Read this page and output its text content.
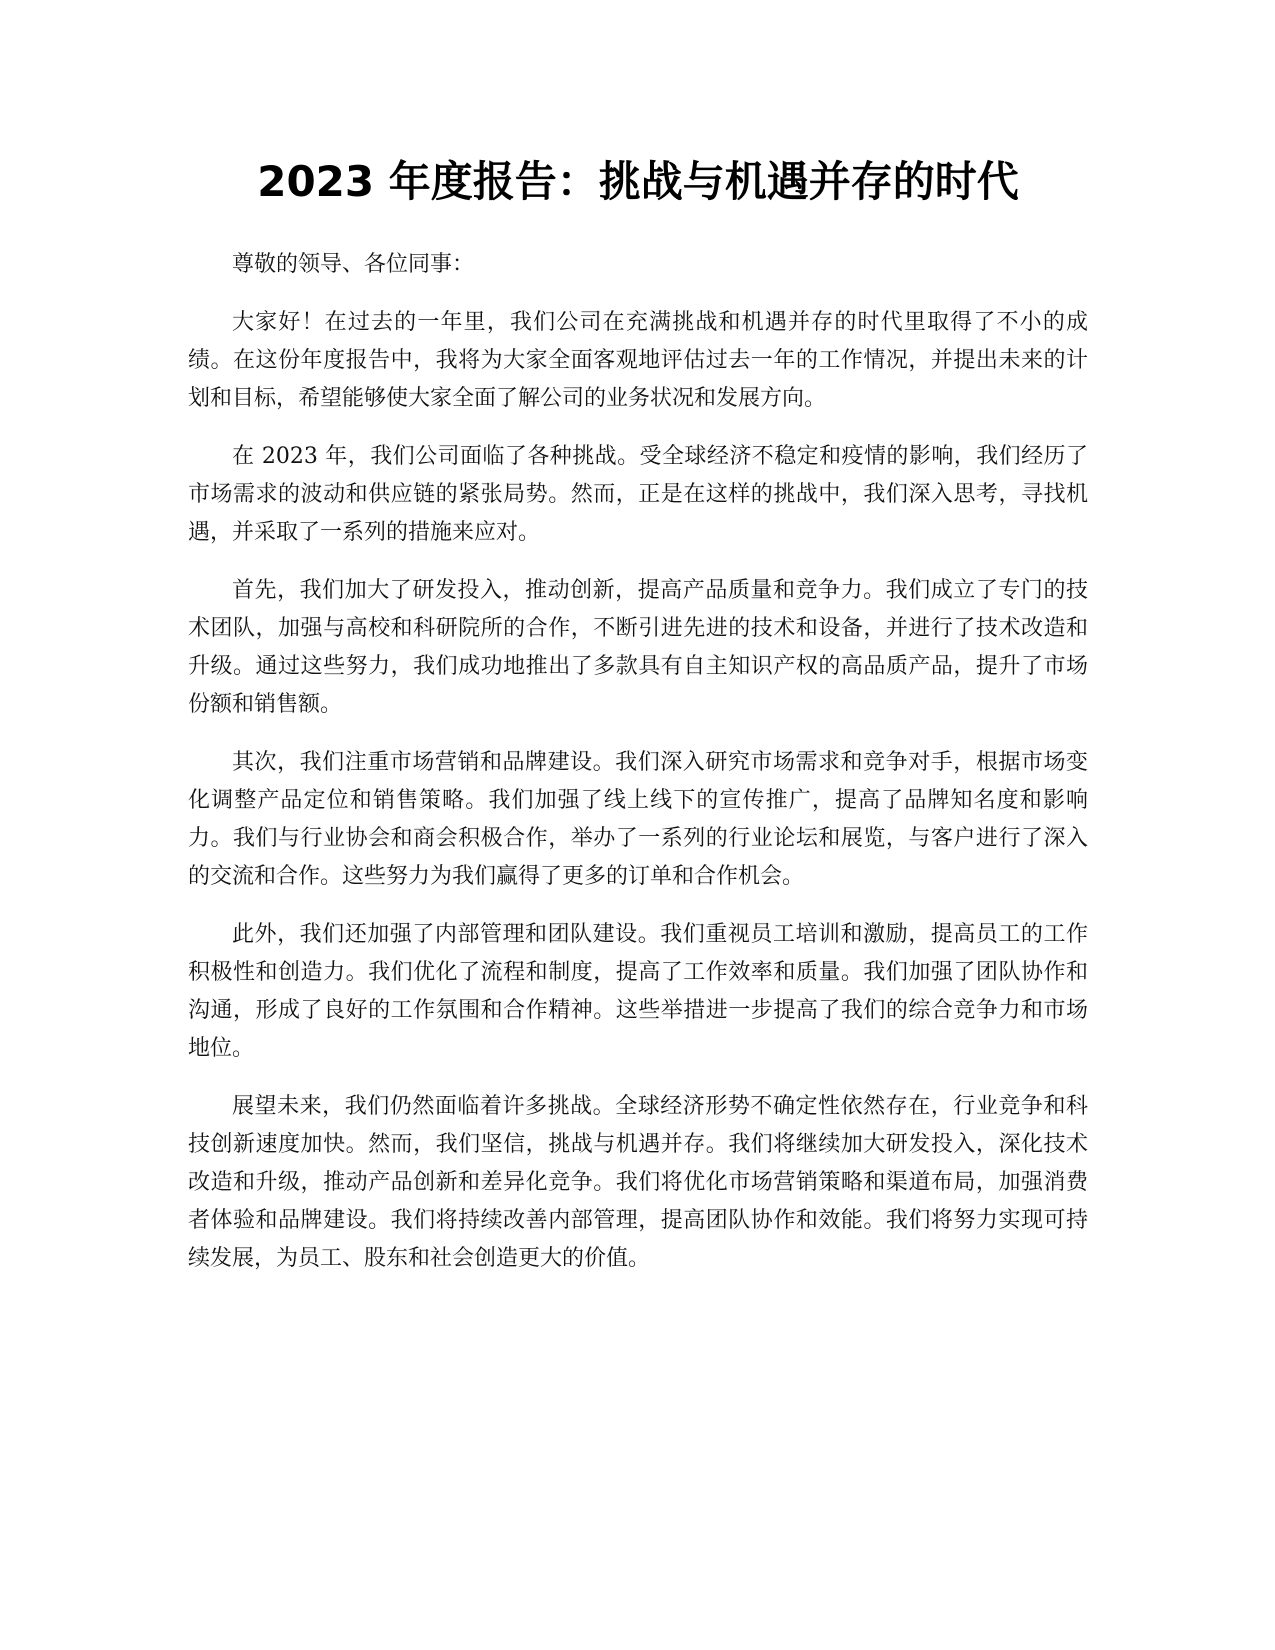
2023 年度报告：挑战与机遇并存的时代

尊敬的领导、各位同事：

大家好！在过去的一年里，我们公司在充满挑战和机遇并存的时代里取得了不小的成绩。在这份年度报告中，我将为大家全面客观地评估过去一年的工作情况，并提出未来的计划和目标，希望能够使大家全面了解公司的业务状况和发展方向。

在 2023 年，我们公司面临了各种挑战。受全球经济不稳定和疫情的影响，我们经历了市场需求的波动和供应链的紧张局势。然而，正是在这样的挑战中，我们深入思考，寻找机遇，并采取了一系列的措施来应对。

首先，我们加大了研发投入，推动创新，提高产品质量和竞争力。我们成立了专门的技术团队，加强与高校和科研院所的合作，不断引进先进的技术和设备，并进行了技术改造和升级。通过这些努力，我们成功地推出了多款具有自主知识产权的高品质产品，提升了市场份额和销售额。

其次，我们注重市场营销和品牌建设。我们深入研究市场需求和竞争对手，根据市场变化调整产品定位和销售策略。我们加强了线上线下的宣传推广，提高了品牌知名度和影响力。我们与行业协会和商会积极合作，举办了一系列的行业论坛和展览，与客户进行了深入的交流和合作。这些努力为我们赢得了更多的订单和合作机会。

此外，我们还加强了内部管理和团队建设。我们重视员工培训和激励，提高员工的工作积极性和创造力。我们优化了流程和制度，提高了工作效率和质量。我们加强了团队协作和沟通，形成了良好的工作氛围和合作精神。这些举措进一步提高了我们的综合竞争力和市场地位。

展望未来，我们仍然面临着许多挑战。全球经济形势不确定性依然存在，行业竞争和科技创新速度加快。然而，我们坚信，挑战与机遇并存。我们将继续加大研发投入，深化技术改造和升级，推动产品创新和差异化竞争。我们将优化市场营销策略和渠道布局，加强消费者体验和品牌建设。我们将持续改善内部管理，提高团队协作和效能。我们将努力实现可持续发展，为员工、股东和社会创造更大的价值。
